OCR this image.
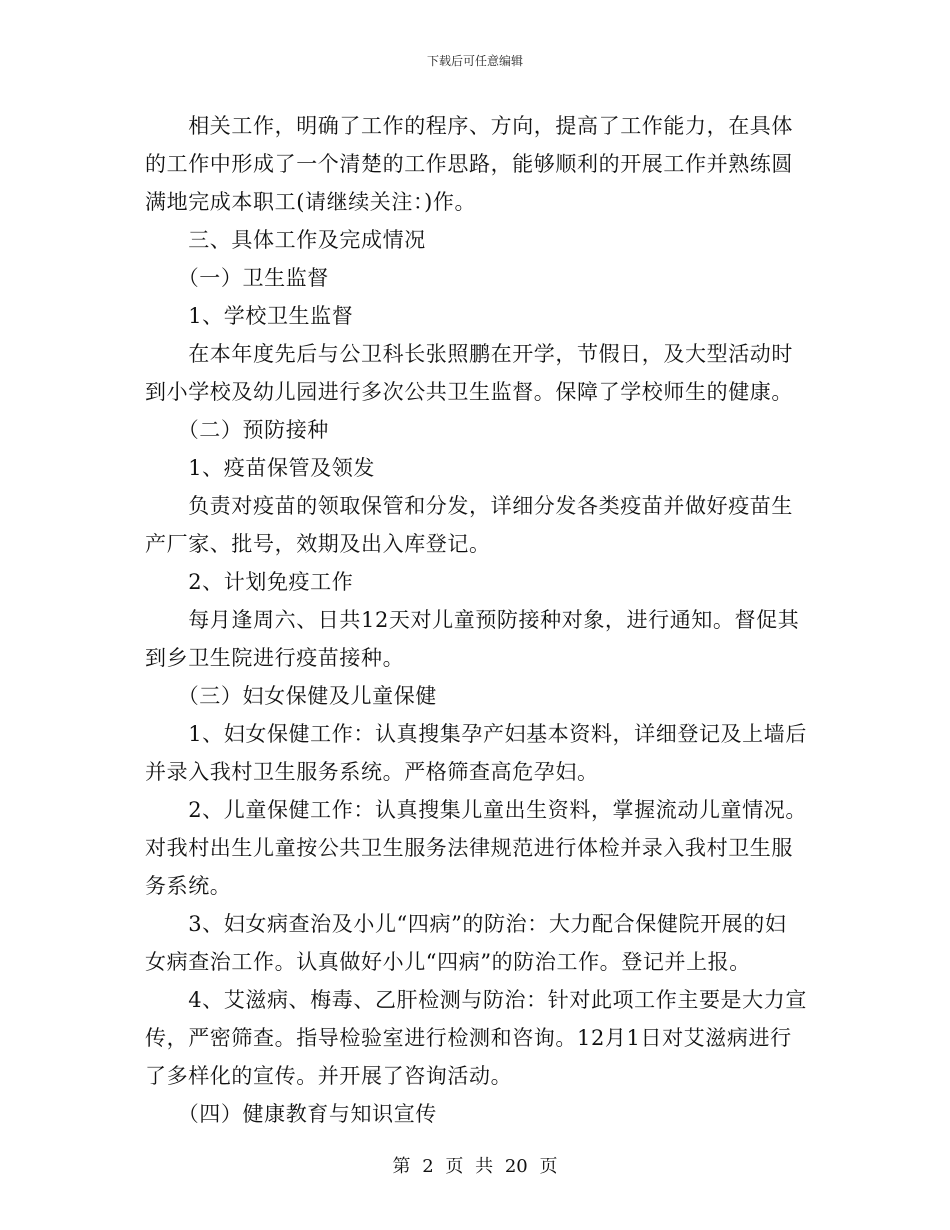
下载后可任意编辑
　　相关工作，明确了工作的程序、方向，提高了工作能力，在具体
的工作中形成了一个清楚的工作思路，能够顺利的开展工作并熟练圆
满地完成本职工(请继续关注：)作。
　　三、具体工作及完成情况
　　（一）卫生监督
　　1、学校卫生监督
　　在本年度先后与公卫科长张照鹏在开学，节假日，及大型活动时
到小学校及幼儿园进行多次公共卫生监督。保障了学校师生的健康。
　　（二）预防接种
　　1、疫苗保管及领发
　　负责对疫苗的领取保管和分发，详细分发各类疫苗并做好疫苗生
产厂家、批号，效期及出入库登记。
　　2、计划免疫工作
　　每月逢周六、日共12天对儿童预防接种对象，进行通知。督促其
到乡卫生院进行疫苗接种。
　　（三）妇女保健及儿童保健
　　1、妇女保健工作：认真搜集孕产妇基本资料，详细登记及上墙后
并录入我村卫生服务系统。严格筛查高危孕妇。
　　2、儿童保健工作：认真搜集儿童出生资料，掌握流动儿童情况。
对我村出生儿童按公共卫生服务法律规范进行体检并录入我村卫生服
务系统。
　　3、妇女病查治及小儿“四病”的防治：大力配合保健院开展的妇
女病查治工作。认真做好小儿“四病”的防治工作。登记并上报。
　　4、艾滋病、梅毒、乙肝检测与防治：针对此项工作主要是大力宣
传，严密筛查。指导检验室进行检测和咨询。12月1日对艾滋病进行
了多样化的宣传。并开展了咨询活动。
　　（四）健康教育与知识宣传
第 2 页 共 20 页
